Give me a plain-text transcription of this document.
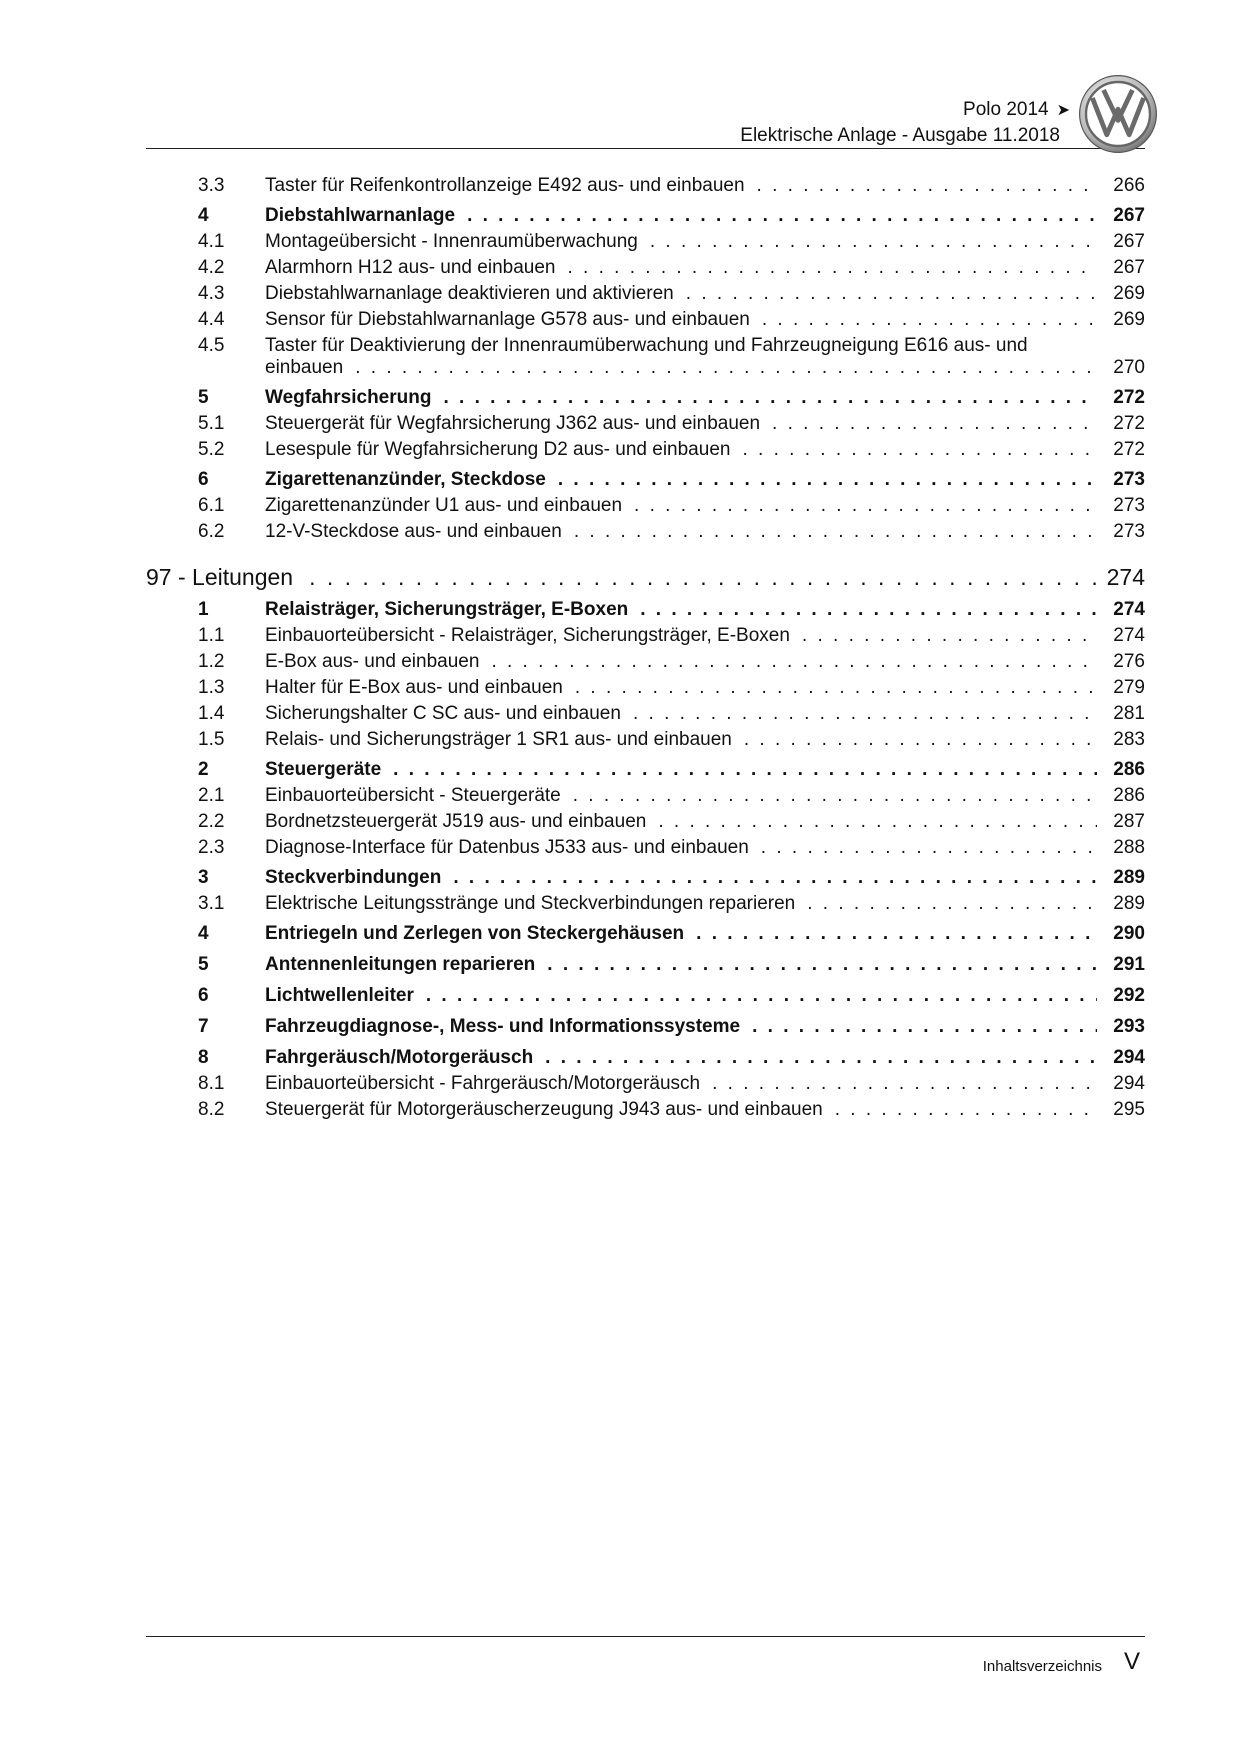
Polo 2014 ➤
Elektrische Anlage - Ausgabe 11.2018
3.3 Taster für Reifenkontrollanzeige E492 aus- und einbauen . . .	266
4	Diebstahlwarnanlage . . .	267
4.1 Montageübersicht - Innenraumüberwachung . . .	267
4.2 Alarmhorn H12 aus- und einbauen . . .	267
4.3 Diebstahlwarnanlage deaktivieren und aktivieren . . .	269
4.4 Sensor für Diebstahlwarnanlage G578 aus- und einbauen . . .	269
4.5 Taster für Deaktivierung der Innenraumüberwachung und Fahrzeugneigung E616 aus- und
einbauen . . .	270
5	Wegfahrsicherung . . .	272
5.1 Steuergerät für Wegfahrsicherung J362 aus- und einbauen . . .	272
5.2 Lesespule für Wegfahrsicherung D2 aus- und einbauen . . .	272
6	Zigarettenanzünder, Steckdose . . .	273
6.1 Zigarettenanzünder U1 aus- und einbauen . . .	273
6.2 12-V-Steckdose aus- und einbauen . . .	273
97 - Leitungen . . .	274
1	Relaisträger, Sicherungsträger, E-Boxen . . .	274
1.1 Einbauorteübersicht - Relaisträger, Sicherungsträger, E-Boxen . . .	274
1.2 E-Box aus- und einbauen . . .	276
1.3 Halter für E-Box aus- und einbauen . . .	279
1.4 Sicherungshalter C SC aus- und einbauen . . .	281
1.5 Relais- und Sicherungsträger 1 SR1 aus- und einbauen . . .	283
2	Steuergeräte . . .	286
2.1 Einbauorteübersicht - Steuergeräte . . .	286
2.2 Bordnetzsteuergerät J519 aus- und einbauen . . .	287
2.3 Diagnose-Interface für Datenbus J533 aus- und einbauen . . .	288
3	Steckverbindungen . . .	289
3.1 Elektrische Leitungsstränge und Steckverbindungen reparieren . . .	289
4	Entriegeln und Zerlegen von Steckergehäusen . . .	290
5	Antennenleitungen reparieren . . .	291
6	Lichtwellenleiter . . .	292
7	Fahrzeugdiagnose-, Mess- und Informationssysteme . . .	293
8	Fahrgeräusch/Motorgeräusch . . .	294
8.1 Einbauorteübersicht - Fahrgeräusch/Motorgeräusch . . .	294
8.2 Steuergerät für Motorgeräuscherzeugung J943 aus- und einbauen . . .	295
Inhaltsverzeichnis V
